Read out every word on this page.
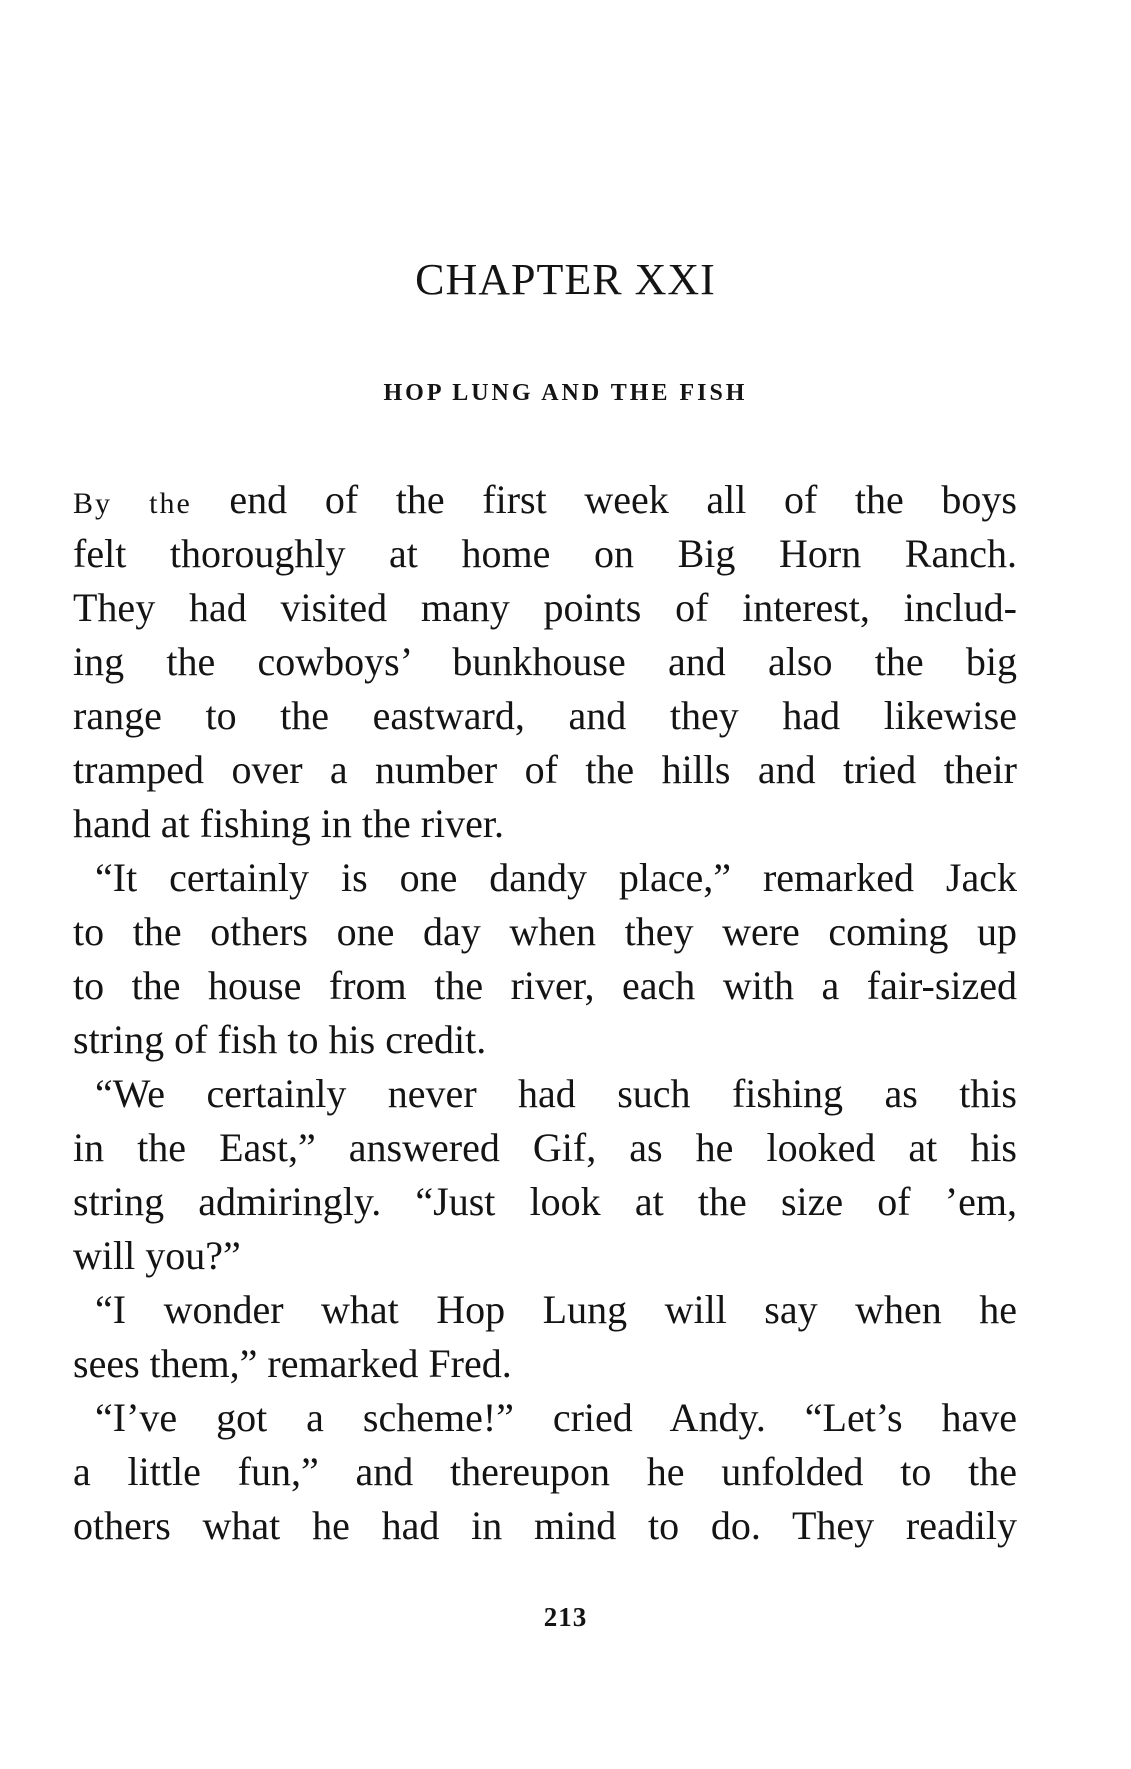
CHAPTER XXI
HOP LUNG AND THE FISH
By the end of the first week all of the boys
felt thoroughly at home on Big Horn Ranch.
They had visited many points of interest, includ-
ing the cowboys’ bunkhouse and also the big
range to the eastward, and they had likewise
tramped over a number of the hills and tried their
hand at fishing in the river.
“It certainly is one dandy place,” remarked Jack
to the others one day when they were coming up
to the house from the river, each with a fair-sized
string of fish to his credit.
“We certainly never had such fishing as this
in the East,” answered Gif, as he looked at his
string admiringly. “Just look at the size of ’em,
will you?”
“I wonder what Hop Lung will say when he
sees them,” remarked Fred.
“I’ve got a scheme!” cried Andy. “Let’s have
a little fun,” and thereupon he unfolded to the
others what he had in mind to do. They readily
213
